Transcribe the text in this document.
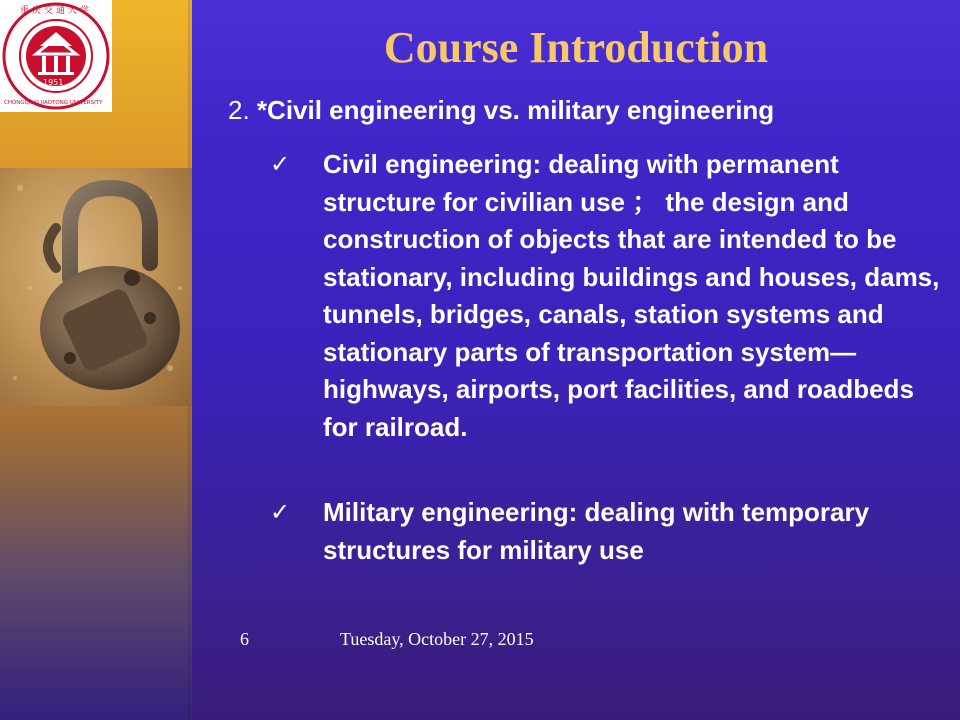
1951
重庆交通大学
CHONGQING JIAOTONG UNIVERSITY
Course Introduction
2. *Civil engineering vs. military engineering
✓	Civil engineering: dealing with permanent structure for civilian use ； the design and construction of objects that are intended to be stationary, including buildings and houses, dams, tunnels, bridges, canals, station systems and stationary parts of transportation system—highways, airports, port facilities, and roadbeds for railroad.
✓	Military engineering: dealing with temporary structures for military use
6	Tuesday, October 27, 2015
